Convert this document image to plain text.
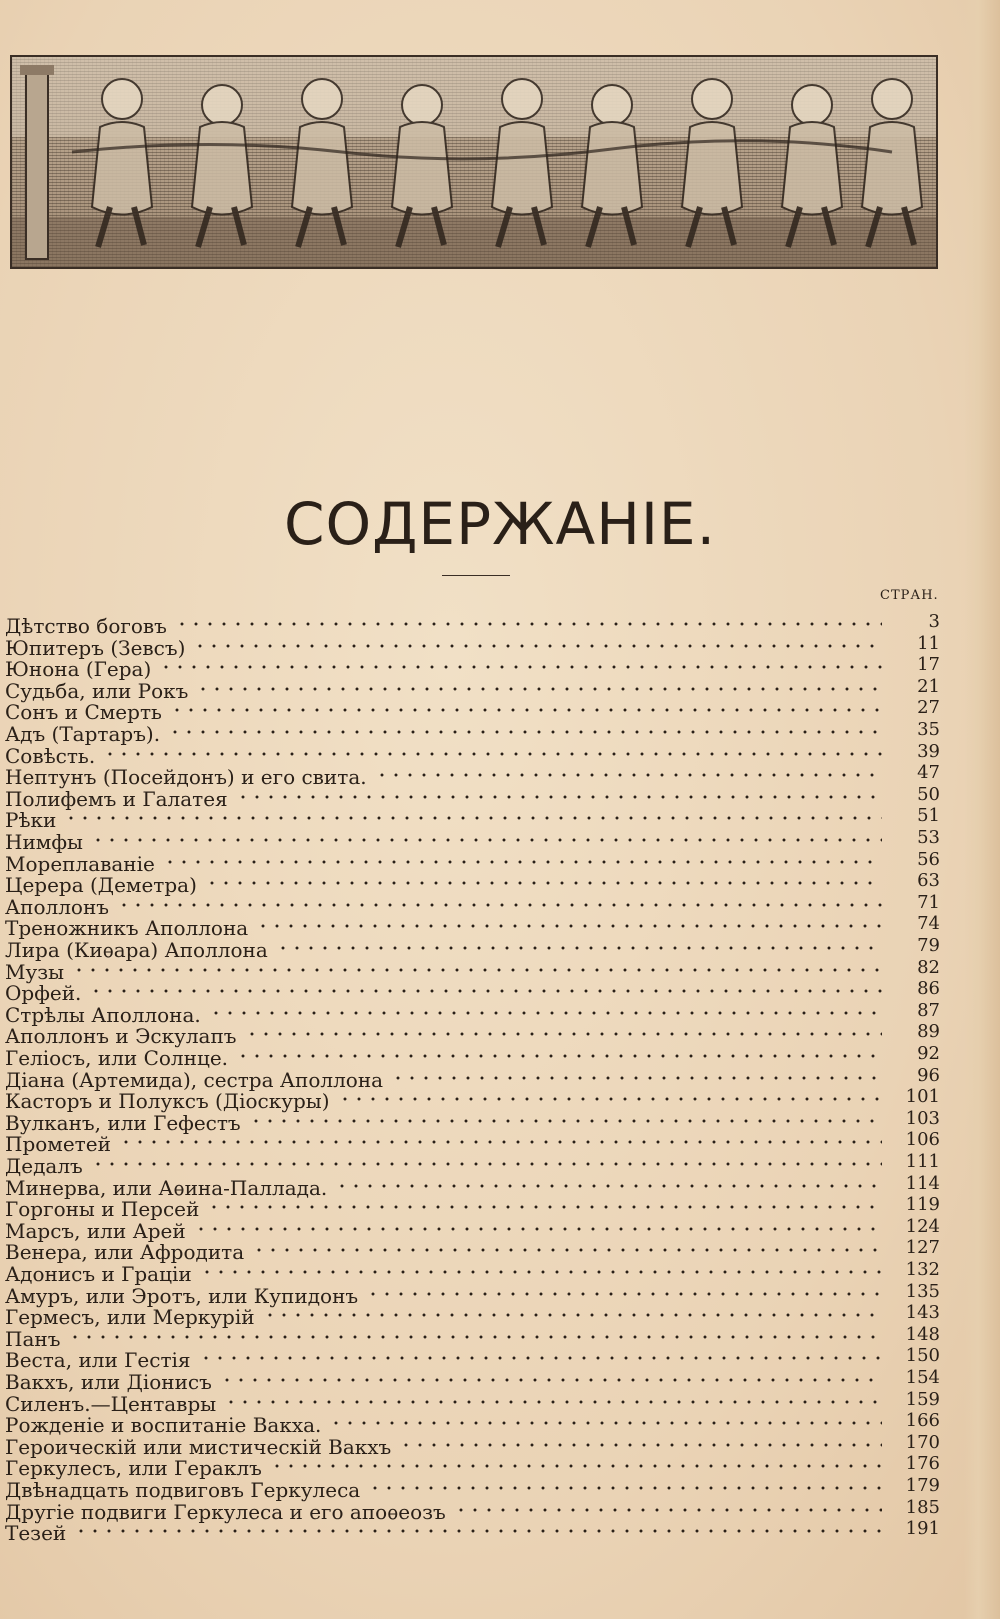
СОДЕРЖАНIЕ.
СТРАН.
Дѣтство боговъ	3
Юпитеръ (Зевсъ)	11
Юнона (Гера)	17
Судьба, или Рокъ	21
Сонъ и Смерть	27
Адъ (Тартаръ).	35
Совѣсть.	39
Нептунъ (Посейдонъ) и его свита.	47
Полифемъ и Галатея	50
Рѣки	51
Нимфы	53
Мореплаванiе	56
Церера (Деметра)	63
Аполлонъ	71
Треножникъ Аполлона	74
Лира (Киѳара) Аполлона	79
Музы	82
Орфей.	86
Стрѣлы Аполлона.	87
Аполлонъ и Эскулапъ	89
Гелiосъ, или Солнце.	92
Дiана (Артемида), сестра Аполлона	96
Касторъ и Полуксъ (Дiоскуры)	101
Вулканъ, или Гефестъ	103
Прометей	106
Дедалъ	111
Минерва, или Аѳина-Паллада.	114
Горгоны и Персей	119
Марсъ, или Арей	124
Венера, или Афродита	127
Адонисъ и Грацiи	132
Амуръ, или Эротъ, или Купидонъ	135
Гермесъ, или Меркурiй	143
Панъ	148
Веста, или Гестiя	150
Вакхъ, или Дiонисъ	154
Силенъ.—Центавры	159
Рожденiе и воспитанiе Вакха.	166
Героическiй или мистическiй Вакхъ	170
Геркулесъ, или Гераклъ	176
Двѣнадцать подвиговъ Геркулеса	179
Другiе подвиги Геркулеса и его апоѳеозъ	185
Тезей	191
